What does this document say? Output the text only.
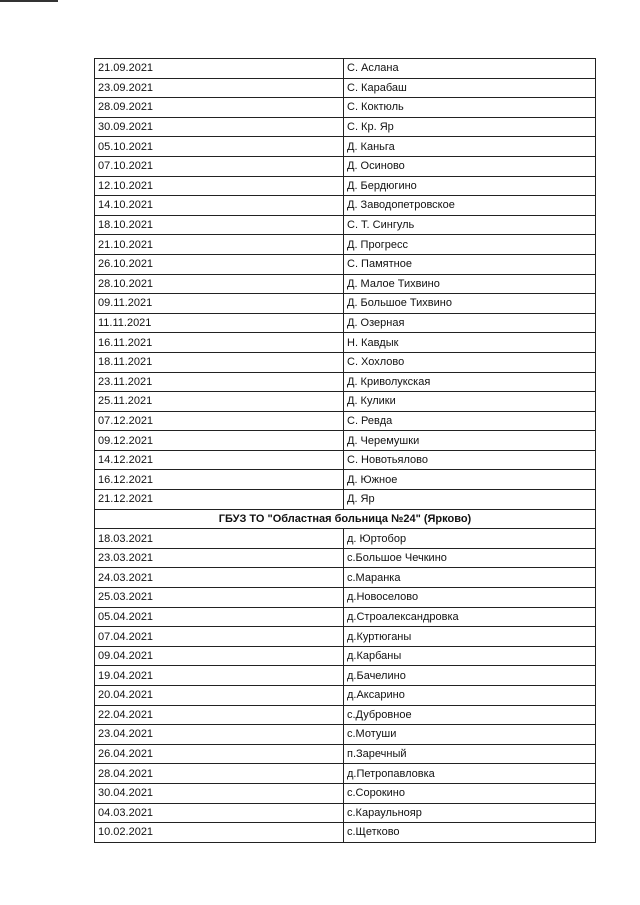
21.09.2021	С. Аслана
23.09.2021	С. Карабаш
28.09.2021	С. Коктюль
30.09.2021	С. Кр. Яр
05.10.2021	Д. Каньга
07.10.2021	Д. Осиново
12.10.2021	Д. Бердюгино
14.10.2021	Д. Заводопетровское
18.10.2021	С. Т. Сингуль
21.10.2021	Д. Прогресс
26.10.2021	С. Памятное
28.10.2021	Д. Малое Тихвино
09.11.2021	Д. Большое Тихвино
11.11.2021	Д. Озерная
16.11.2021	Н. Кавдык
18.11.2021	С. Хохлово
23.11.2021	Д. Криволукская
25.11.2021	Д. Кулики
07.12.2021	С. Ревда
09.12.2021	Д. Черемушки
14.12.2021	С. Новотьялово
16.12.2021	Д. Южное
21.12.2021	Д. Яр
ГБУЗ ТО "Областная больница №24" (Ярково)	
18.03.2021	д. Юртобор
23.03.2021	с.Большое Чечкино
24.03.2021	с.Маранка
25.03.2021	д.Новоселово
05.04.2021	д.Строалександровка
07.04.2021	д.Куртюганы
09.04.2021	д.Карбаны
19.04.2021	д.Бачелино
20.04.2021	д.Аксарино
22.04.2021	с.Дубровное
23.04.2021	с.Мотуши
26.04.2021	п.Заречный
28.04.2021	д.Петропавловка
30.04.2021	с.Сорокино
04.03.2021	с.Караульнояр
10.02.2021	с.Щетково
